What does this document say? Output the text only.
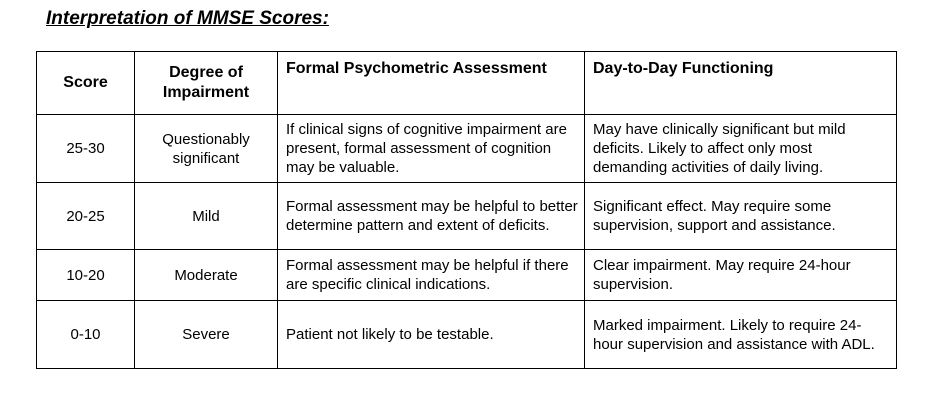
Interpretation of MMSE Scores:
Score	Degree of Impairment	Formal Psychometric Assessment	Day-to-Day Functioning
25-30	Questionably significant	If clinical signs of cognitive impairment are present, formal assessment of cognition may be valuable.	May have clinically significant but mild deficits. Likely to affect only most demanding activities of daily living.
20-25	Mild	Formal assessment may be helpful to better determine pattern and extent of deficits.	Significant effect. May require some supervision, support and assistance.
10-20	Moderate	Formal assessment may be helpful if there are specific clinical indications.	Clear impairment. May require 24-hour supervision.
0-10	Severe	Patient not likely to be testable.	Marked impairment. Likely to require 24-hour supervision and assistance with ADL.
